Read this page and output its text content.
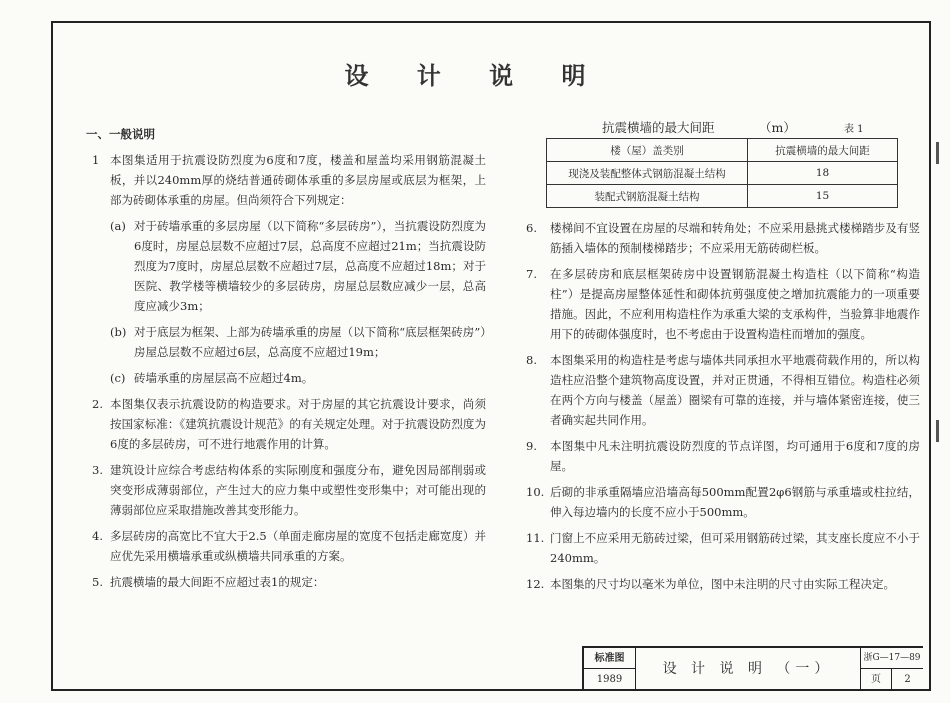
设 计 说 明
一、一般说明
1 本图集适用于抗震设防烈度为6度和7度，楼盖和屋盖均采用钢筋混凝土板，并以240mm厚的烧结普通砖砌体承重的多层房屋或底层为框架，上部为砖砌体承重的房屋。但尚须符合下列规定：
(a) 对于砖墙承重的多层房屋（以下简称“多层砖房”），当抗震设防烈度为6度时，房屋总层数不应超过7层，总高度不应超过21m；当抗震设防烈度为7度时，房屋总层数不应超过7层，总高度不应超过18m；对于医院、教学楼等横墙较少的多层砖房，房屋总层数应减少一层，总高度应减少3m；
(b) 对于底层为框架、上部为砖墙承重的房屋（以下简称“底层框架砖房”）房屋总层数不应超过6层，总高度不应超过19m；
(c) 砖墙承重的房屋层高不应超过4m。
2. 本图集仅表示抗震设防的构造要求。对于房屋的其它抗震设计要求，尚须按国家标准：《建筑抗震设计规范》的有关规定处理。对于抗震设防烈度为6度的多层砖房，可不进行地震作用的计算。
3. 建筑设计应综合考虑结构体系的实际刚度和强度分布，避免因局部削弱或突变形成薄弱部位，产生过大的应力集中或塑性变形集中；对可能出现的薄弱部位应采取措施改善其变形能力。
4. 多层砖房的高宽比不宜大于2.5（单面走廊房屋的宽度不包括走廊宽度）并应优先采用横墙承重或纵横墙共同承重的方案。
5. 抗震横墙的最大间距不应超过表1的规定：
抗震横墙的最大间距	（m）	表 1
楼（屋）盖类别	抗震横墙的最大间距
现浇及装配整体式钢筋混凝土结构	18
装配式钢筋混凝土结构	15
6. 楼梯间不宜设置在房屋的尽端和转角处；不应采用悬挑式楼梯踏步及有竖筋插入墙体的预制楼梯踏步；不应采用无筋砖砌栏板。
7. 在多层砖房和底层框架砖房中设置钢筋混凝土构造柱（以下简称“构造柱”）是提高房屋整体延性和砌体抗剪强度使之增加抗震能力的一项重要措施。因此，不应利用构造柱作为承重大梁的支承构件，当验算非地震作用下的砖砌体强度时，也不考虑由于设置构造柱而增加的强度。
8. 本图集采用的构造柱是考虑与墙体共同承担水平地震荷载作用的，所以构造柱应沿整个建筑物高度设置，并对正贯通，不得相互错位。构造柱必须在两个方向与楼盖（屋盖）圈梁有可靠的连接，并与墙体紧密连接，使三者确实起共同作用。
9. 本图集中凡未注明抗震设防烈度的节点详图，均可通用于6度和7度的房屋。
10. 后砌的非承重隔墙应沿墙高每500mm配置2φ6钢筋与承重墙或柱拉结，伸入每边墙内的长度不应小于500mm。
11. 门窗上不应采用无筋砖过梁，但可采用钢筋砖过梁，其支座长度应不小于240mm。
12. 本图集的尺寸均以毫米为单位，图中未注明的尺寸由实际工程决定。
标准图
1989
设 计 说 明 （一）
浙G—17—89
页	2
